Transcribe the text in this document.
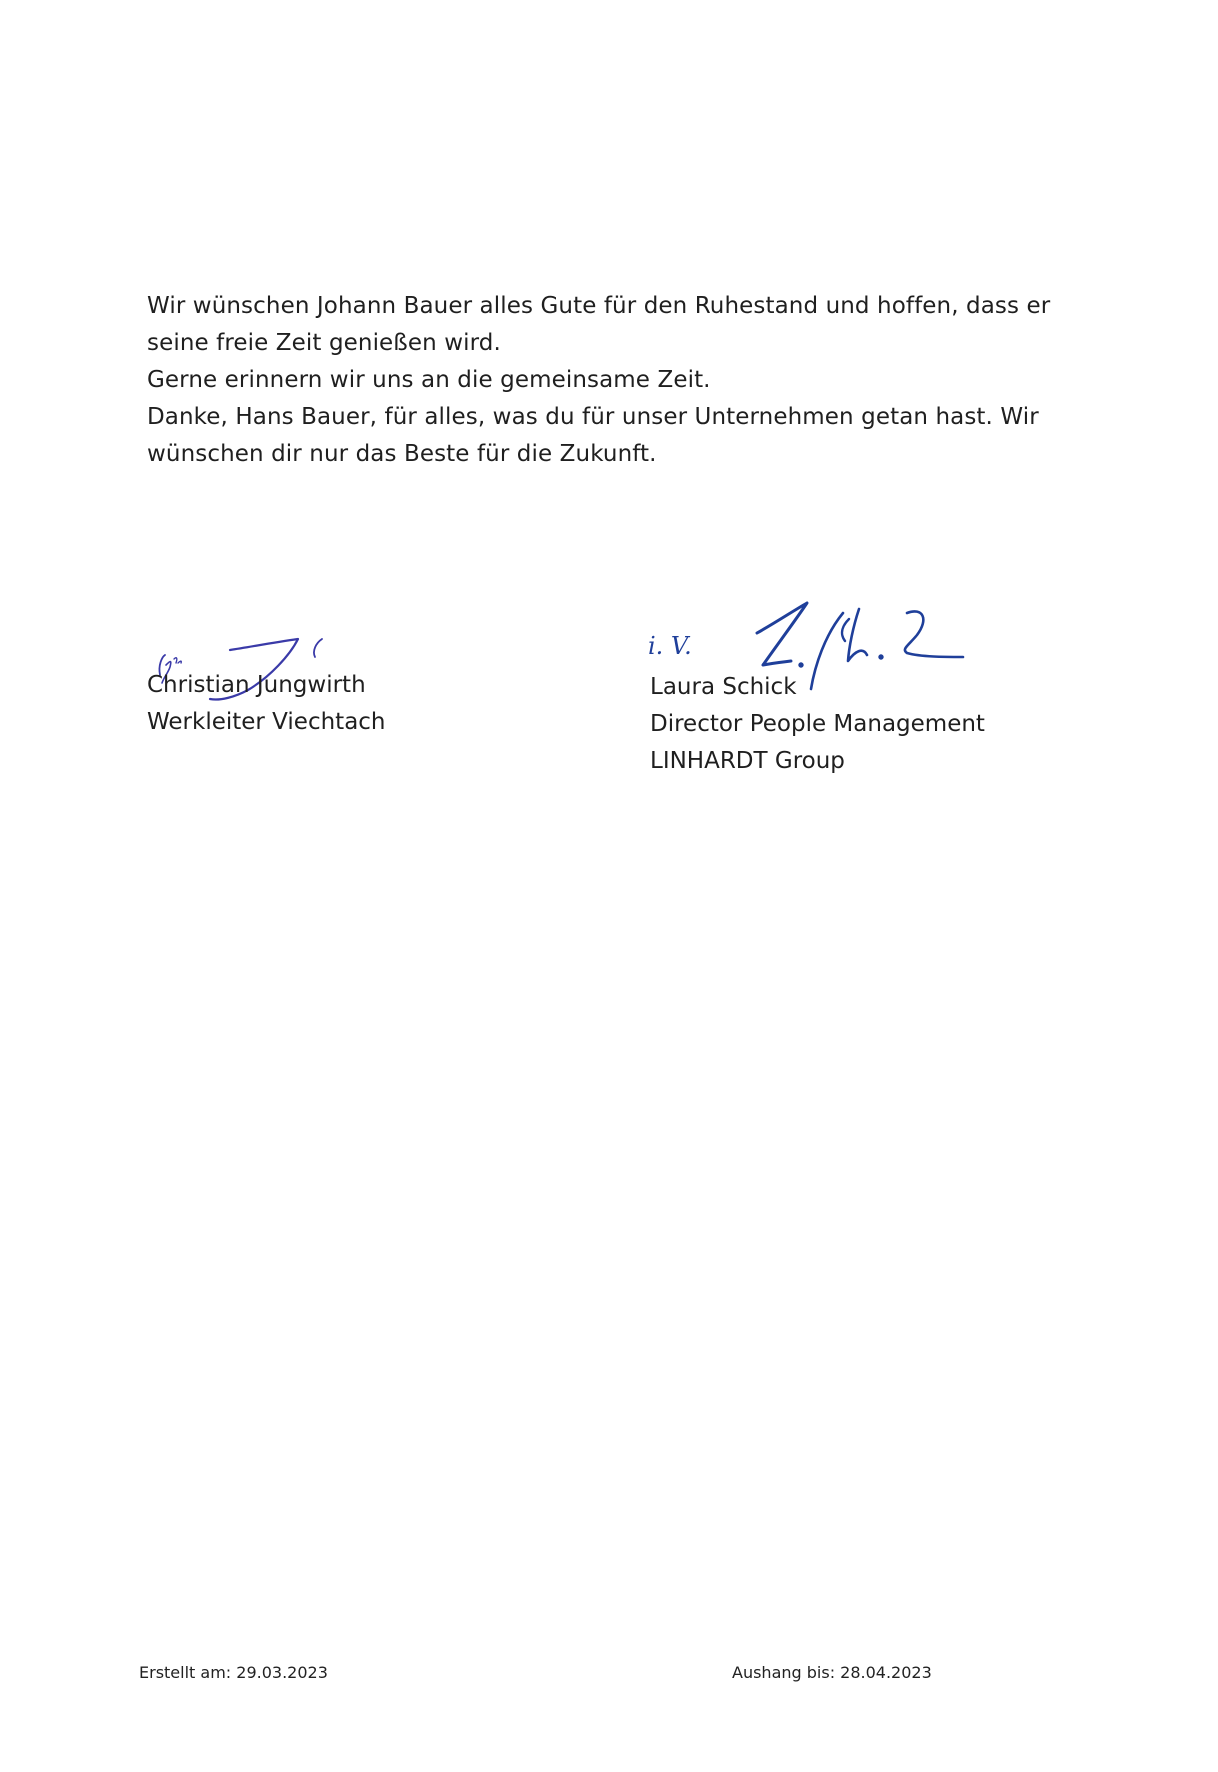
Wir wünschen Johann Bauer alles Gute für den Ruhestand und hoffen, dass er seine freie Zeit genießen wird.

Gerne erinnern wir uns an die gemeinsame Zeit.

Danke, Hans Bauer, für alles, was du für unser Unternehmen getan hast. Wir wünschen dir nur das Beste für die Zukunft.

Christian Jungwirth
Werkleiter Viechtach
i. V.
Laura Schick
Director People Management
LINHARDT Group
Erstellt am: 29.03.2023	Aushang bis: 28.04.2023
